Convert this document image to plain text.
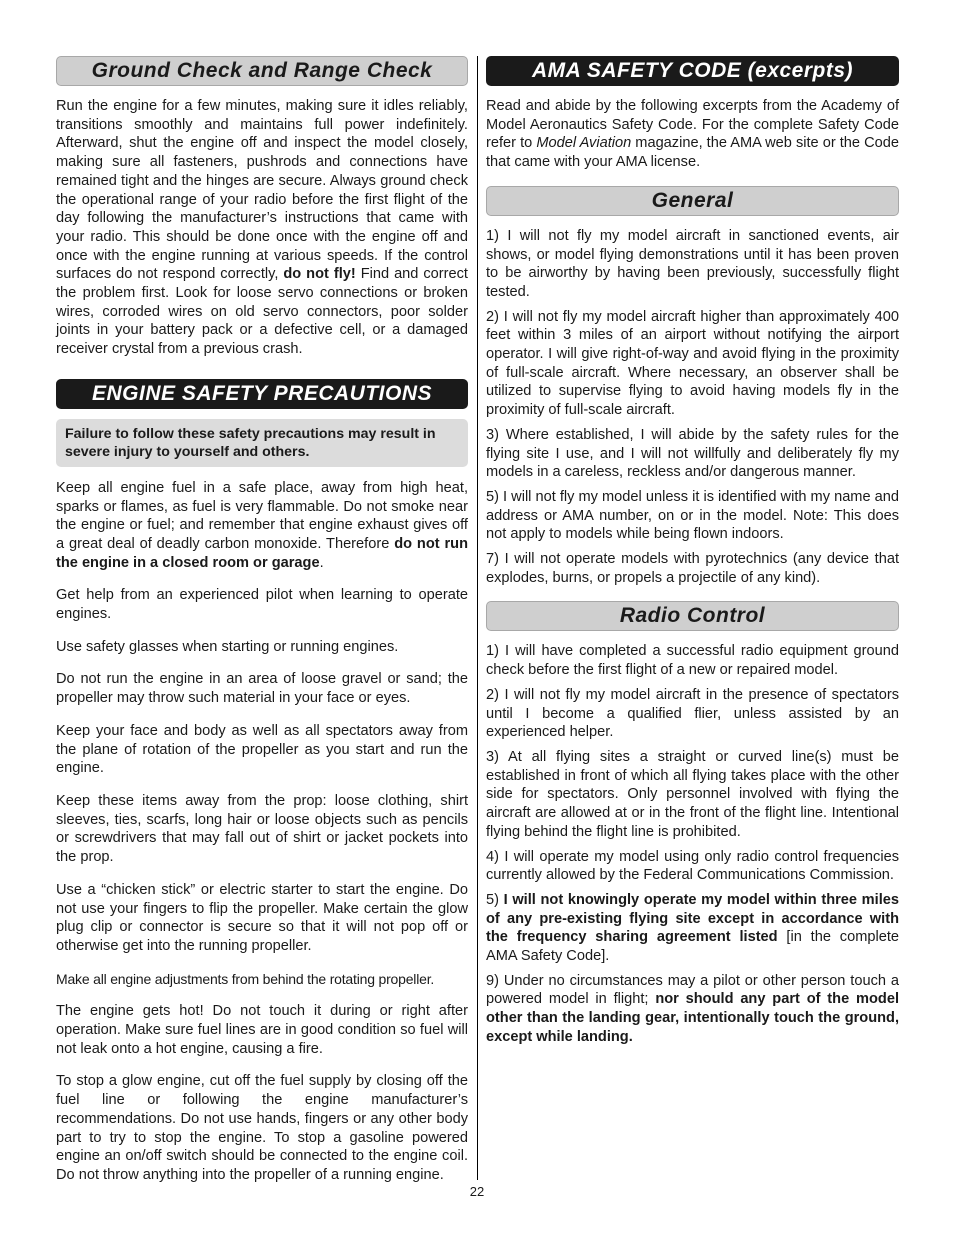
Ground Check and Range Check

Run the engine for a few minutes, making sure it idles reliably, transitions smoothly and maintains full power indefinitely. Afterward, shut the engine off and inspect the model closely, making sure all fasteners, pushrods and connections have remained tight and the hinges are secure. Always ground check the operational range of your radio before the first flight of the day following the manufacturer’s instructions that came with your radio. This should be done once with the engine off and once with the engine running at various speeds. If the control surfaces do not respond correctly, do not fly! Find and correct the problem first. Look for loose servo connections or broken wires, corroded wires on old servo connectors, poor solder joints in your battery pack or a defective cell, or a damaged receiver crystal from a previous crash.

ENGINE SAFETY PRECAUTIONS
Failure to follow these safety precautions may result in severe injury to yourself and others.

Keep all engine fuel in a safe place, away from high heat, sparks or flames, as fuel is very flammable. Do not smoke near the engine or fuel; and remember that engine exhaust gives off a great deal of deadly carbon monoxide. Therefore do not run the engine in a closed room or garage.

Get help from an experienced pilot when learning to operate engines.

Use safety glasses when starting or running engines.

Do not run the engine in an area of loose gravel or sand; the propeller may throw such material in your face or eyes.

Keep your face and body as well as all spectators away from the plane of rotation of the propeller as you start and run the engine.

Keep these items away from the prop: loose clothing, shirt sleeves, ties, scarfs, long hair or loose objects such as pencils or screwdrivers that may fall out of shirt or jacket pockets into the prop.

Use a “chicken stick” or electric starter to start the engine. Do not use your fingers to flip the propeller. Make certain the glow plug clip or connector is secure so that it will not pop off or otherwise get into the running propeller.

Make all engine adjustments from behind the rotating propeller.

The engine gets hot! Do not touch it during or right after operation. Make sure fuel lines are in good condition so fuel will not leak onto a hot engine, causing a fire.

To stop a glow engine, cut off the fuel supply by closing off the fuel line or following the engine manufacturer’s recommendations. Do not use hands, fingers or any other body part to try to stop the engine. To stop a gasoline powered engine an on/off switch should be connected to the engine coil. Do not throw anything into the propeller of a running engine.

AMA SAFETY CODE (excerpts)

Read and abide by the following excerpts from the Academy of Model Aeronautics Safety Code. For the complete Safety Code refer to Model Aviation magazine, the AMA web site or the Code that came with your AMA license.

General

1) I will not fly my model aircraft in sanctioned events, air shows, or model flying demonstrations until it has been proven to be airworthy by having been previously, successfully flight tested.

2) I will not fly my model aircraft higher than approximately 400 feet within 3 miles of an airport without notifying the airport operator. I will give right-of-way and avoid flying in the proximity of full-scale aircraft. Where necessary, an observer shall be utilized to supervise flying to avoid having models fly in the proximity of full-scale aircraft.

3) Where established, I will abide by the safety rules for the flying site I use, and I will not willfully and deliberately fly my models in a careless, reckless and/or dangerous manner.

5) I will not fly my model unless it is identified with my name and address or AMA number, on or in the model. Note: This does not apply to models while being flown indoors.

7) I will not operate models with pyrotechnics (any device that explodes, burns, or propels a projectile of any kind).

Radio Control

1) I will have completed a successful radio equipment ground check before the first flight of a new or repaired model.

2) I will not fly my model aircraft in the presence of spectators until I become a qualified flier, unless assisted by an experienced helper.

3) At all flying sites a straight or curved line(s) must be established in front of which all flying takes place with the other side for spectators. Only personnel involved with flying the aircraft are allowed at or in the front of the flight line. Intentional flying behind the flight line is prohibited.

4) I will operate my model using only radio control frequencies currently allowed by the Federal Communications Commission.

5) I will not knowingly operate my model within three miles of any pre-existing flying site except in accordance with the frequency sharing agreement listed [in the complete AMA Safety Code].

9) Under no circumstances may a pilot or other person touch a powered model in flight; nor should any part of the model other than the landing gear, intentionally touch the ground, except while landing.

22
